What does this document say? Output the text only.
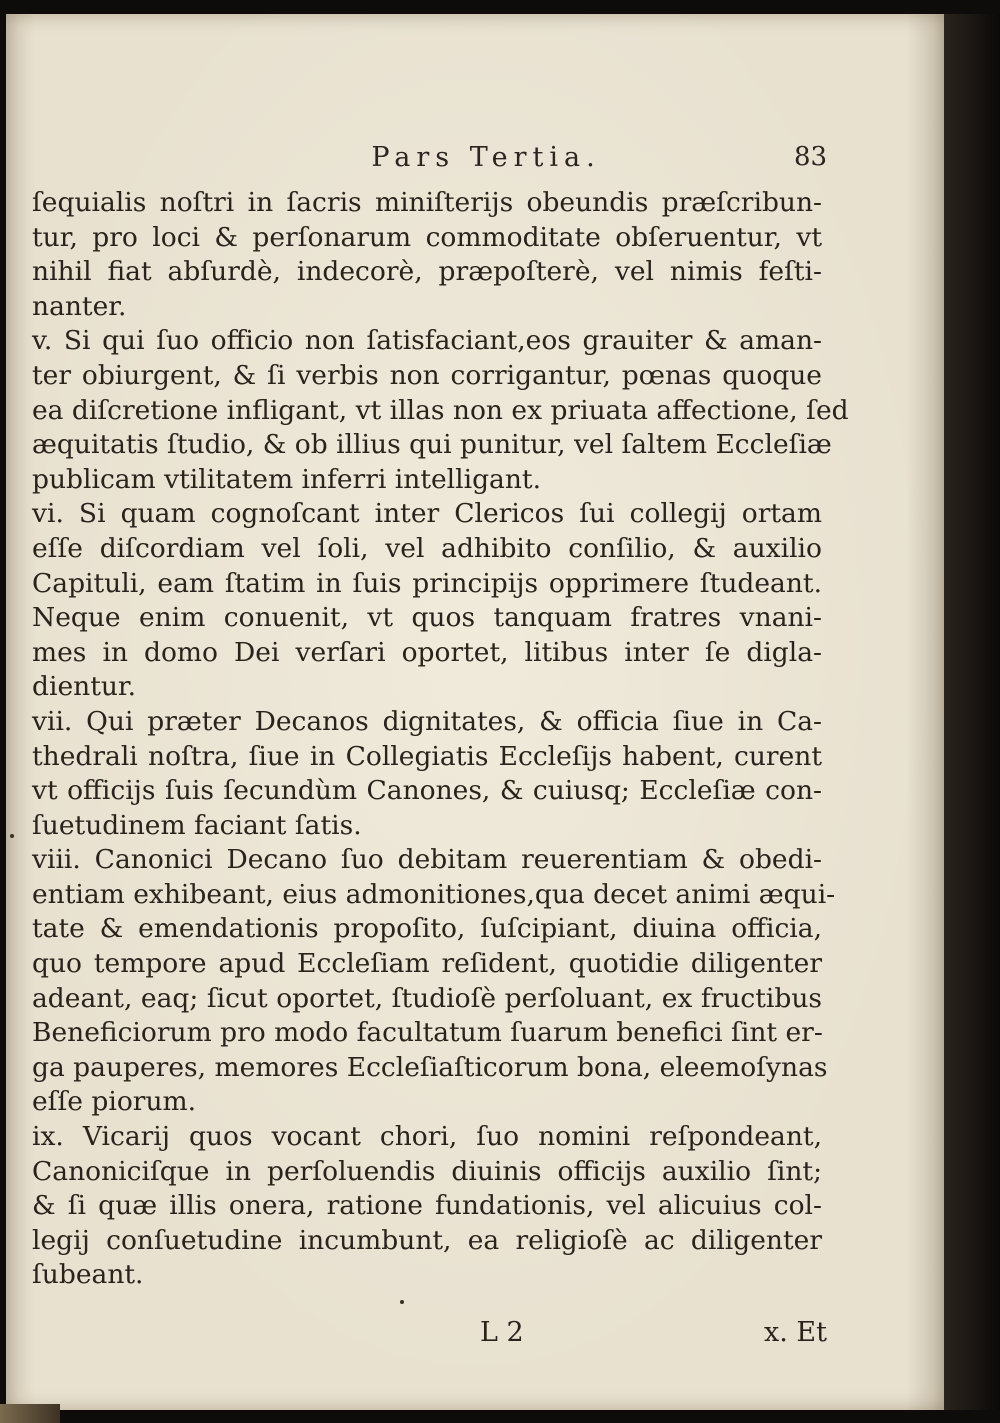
Pars Tertia.	83
ſequialis noſtri in ſacris miniſterijs obeundis præſcribun-
tur, pro loci & perſonarum commoditate obſeruentur, vt
nihil fiat abſurdè, indecorè, præpoſterè, vel nimis feſti-
nanter.
v. Si qui ſuo officio non ſatisfaciant,eos grauiter & aman-
ter obiurgent, & ſi verbis non corrigantur, pœnas quoque
ea diſcretione infligant, vt illas non ex priuata affectione, ſed
æquitatis ſtudio, & ob illius qui punitur, vel ſaltem Eccleſiæ
publicam vtilitatem inferri intelligant.
vi. Si quam cognoſcant inter Clericos ſui collegij ortam
eſſe diſcordiam vel ſoli, vel adhibito conſilio, & auxilio
Capituli, eam ſtatim in ſuis principijs opprimere ſtudeant.
Neque enim conuenit, vt quos tanquam fratres vnani-
mes in domo Dei verſari oportet, litibus inter ſe digla-
dientur.
vii. Qui præter Decanos dignitates, & officia ſiue in Ca-
thedrali noſtra, ſiue in Collegiatis Eccleſijs habent, curent
vt officijs ſuis ſecundùm Canones, & cuiusq; Eccleſiæ con-
ſuetudinem faciant ſatis.
viii. Canonici Decano ſuo debitam reuerentiam & obedi-
entiam exhibeant, eius admonitiones,qua decet animi æqui-
tate & emendationis propoſito, ſuſcipiant, diuina officia,
quo tempore apud Eccleſiam reſident, quotidie diligenter
adeant, eaq; ſicut oportet, ſtudioſè perſoluant, ex fructibus
Beneficiorum pro modo facultatum ſuarum benefici ſint er-
ga pauperes, memores Eccleſiaſticorum bona, eleemoſynas
eſſe piorum.
ix. Vicarij quos vocant chori, ſuo nomini reſpondeant,
Canoniciſque in perſoluendis diuinis officijs auxilio ſint;
& ſi quæ illis onera, ratione fundationis, vel alicuius col-
legij conſuetudine incumbunt, ea religioſè ac diligenter
ſubeant.
L 2	x. Et
